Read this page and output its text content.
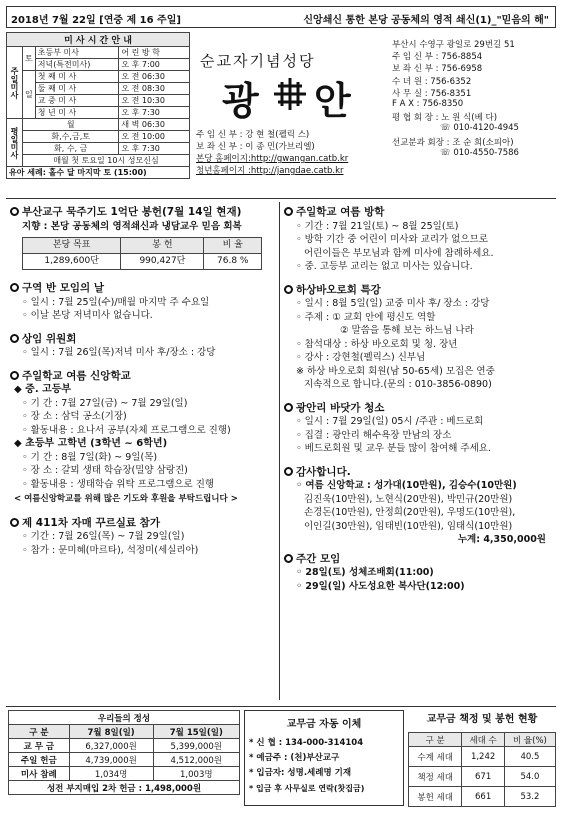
2018년 7월 22일 [연중 제 16 주일]	신앙쇄신 통한 본당 공동체의 영적 쇄신(1)_"믿음의 해"
미 사 시 간 안 내			
주일미사	토	초등부 미사	어 린 방 학
		저녁(특전미사)	오 후 7:00
	일	첫 째 미 사	오 전 06:30
		둘 째 미 사	오 전 08:30
		교 중 미 사	오 전 10:30
		청 년 미 사	오 후 7:30
평일미사	월		새 벽 06:30
	화,수,금,토		오 전 10:00
	화, 수, 금		오 후 7:30
	매월 첫 토요일 10시 성모신심		
유아 세례: 홀수 달 마지막 토 (15:00)			
순교자기념성당
광 안
주 임 신 부 : 강 현 철(펠릭 스)
보 좌 신 부 : 이 종 민(가브리엘)
본당 홈페이지:http://gwangan.catb.kr
청년홈페이지 :http://jangdae.catb.kr
부산시 수영구 광일로 29번길 51
주 임 신 부 : 756-8854
보 좌 신 부 : 756-6958
수 녀 원 : 756-6352
사 무 실 : 756-8351
F A X : 756-8350
평 협 회 장 : 노 원 식(베 다)
☏ 010-4120-4945
선교분과 회장 : 조 순 희(소피아)
☏ 010-4550-7586
부산교구 묵주기도 1억단 봉헌(7월 14일 현재)
지향 : 본당 공동체의 영적쇄신과 냉담교우 믿음 회복
본당 목표	봉 헌	비 율
1,289,600단	990,427단	76.8 %
구역 반 모임의 날
◦ 일시 : 7월 25일(수)/매월 마지막 주 수요일
◦ 이날 본당 저녁미사 없습니다.
상임 위원회
◦ 일시 : 7월 26일(목)저녁 미사 후/장소 : 강당
주일학교 여름 신앙학교
◆ 중. 고등부
◦ 기 간 : 7월 27일(금) ~ 7월 29일(일)
◦ 장 소 : 삼덕 공소(기장)
◦ 활동내용 : 요나서 공부(자체 프로그램으로 진행)
◆ 초등부 고학년 (3학년 ~ 6학년)
◦ 기 간 : 8월 7일(화) ~ 9일(목)
◦ 장 소 : 갈뫼 생태 학습장(밀양 삼랑진)
◦ 활동내용 : 생태학습 위탁 프로그램으로 진행
< 여름신앙학교를 위해 많은 기도와 후원을 부탁드립니다 >
제 411차 자매 꾸르실료 참가
◦ 기간 : 7월 26일(목) ~ 7월 29일(일)
◦ 참가 : 문미혜(마르타), 석정미(세실리아)
주일학교 여름 방학
◦ 기간 : 7월 21일(토) ~ 8월 25일(토)
◦ 방학 기간 중 어린이 미사와 교리가 없으므로
어린이들은 부모님과 함께 미사에 참례하세요.
◦ 중. 고등부 교리는 없고 미사는 있습니다.
하상바오로회 특강
◦ 일시 : 8월 5일(일) 교중 미사 후/ 장소 : 강당
◦ 주제 : ① 교회 안에 평신도 역할
② 말씀을 통해 보는 하느님 나라
◦ 참석대상 : 하상 바오로회 및 청. 장년
◦ 강사 : 강현철(펠릭스) 신부님
※ 하상 바오로회 회원(남 50-65세) 모집은 연중
지속적으로 합니다.(문의 : 010-3856-0890)
광안리 바닷가 청소
◦ 일시 : 7월 29일(일) 05시 /주관 : 베드로회
◦ 집결 : 광안리 해수욕장 만남의 장소
◦ 베드로회원 및 교우 분들 많이 참여해 주세요.
감사합니다.
◦ 여름 신앙학교 : 성가대(10만원), 김승수(10만원)
김진욱(10만원), 노현식(20만원), 박민규(20만원)
손경돈(10만원), 안정희(20만원), 우명도(10만원),
이인길(30만원), 임태빈(10만원), 임태식(10만원)
누계: 4,350,000원
주간 모임
◦ 28일(토) 성체조배회(11:00)
◦ 29일(일) 사도성요한 복사단(12:00)
우리들의 정성		
구 분	7월 8일(일)	7월 15일(일)
교 무 금	6,327,000원	5,399,000원
주일 헌금	4,739,000원	4,512,000원
미사 참례	1,034명	1,003명
성전 부지매입 2차 헌금 : 1,498,000원		
교무금 자동 이체
* 신 협 : 134-000-314104
* 예금주 : (천)부산교구
* 입금자: 성명.세례명 기재
* 입금 후 사무실로 연락(찻집금)
교무금 책정 및 봉헌 현황
구 분	세대 수	비 율(%)
수계 세대	1,242	40.5
책정 세대	671	54.0
봉헌 세대	661	53.2
